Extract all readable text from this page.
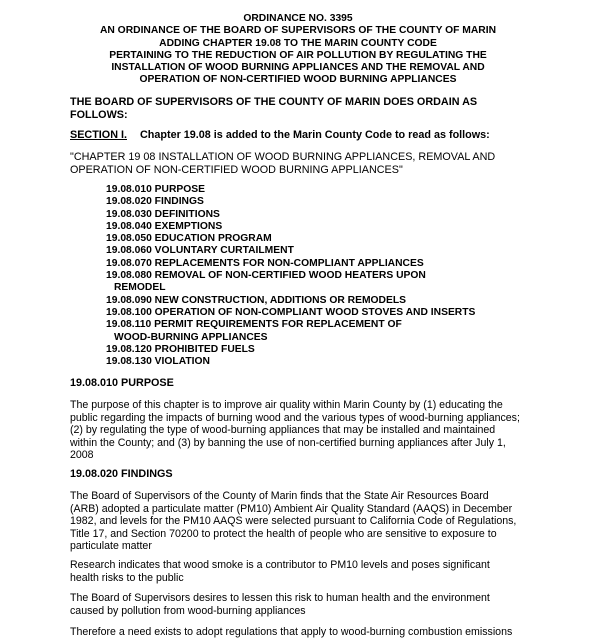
ORDINANCE NO. 3395
AN ORDINANCE OF THE BOARD OF SUPERVISORS OF THE COUNTY OF MARIN
ADDING CHAPTER 19.08 TO THE MARIN COUNTY CODE
PERTAINING TO THE REDUCTION OF AIR POLLUTION BY REGULATING THE
INSTALLATION OF WOOD BURNING APPLIANCES AND THE REMOVAL AND
OPERATION OF NON-CERTIFIED WOOD BURNING APPLIANCES
THE BOARD OF SUPERVISORS OF THE COUNTY OF MARIN DOES ORDAIN AS
FOLLOWS:
SECTION I. Chapter 19.08 is added to the Marin County Code to read as follows:
"CHAPTER 19 08 INSTALLATION OF WOOD BURNING APPLIANCES, REMOVAL AND
OPERATION OF NON-CERTIFIED WOOD BURNING APPLIANCES"
19.08.010 PURPOSE
19.08.020 FINDINGS
19.08.030 DEFINITIONS
19.08.040 EXEMPTIONS
19.08.050 EDUCATION PROGRAM
19.08.060 VOLUNTARY CURTAILMENT
19.08.070 REPLACEMENTS FOR NON-COMPLIANT APPLIANCES
19.08.080 REMOVAL OF NON-CERTIFIED WOOD HEATERS UPON
REMODEL
19.08.090 NEW CONSTRUCTION, ADDITIONS OR REMODELS
19.08.100 OPERATION OF NON-COMPLIANT WOOD STOVES AND INSERTS
19.08.110 PERMIT REQUIREMENTS FOR REPLACEMENT OF
WOOD-BURNING APPLIANCES
19.08.120 PROHIBITED FUELS
19.08.130 VIOLATION
19.08.010 PURPOSE
The purpose of this chapter is to improve air quality within Marin County by (1) educating the
public regarding the impacts of burning wood and the various types of wood-burning appliances;
(2) by regulating the type of wood-burning appliances that may be installed and maintained
within the County; and (3) by banning the use of non-certified burning appliances after July 1,
2008
19.08.020 FINDINGS
The Board of Supervisors of the County of Marin finds that the State Air Resources Board
(ARB) adopted a particulate matter (PM10) Ambient Air Quality Standard (AAQS) in December
1982, and levels for the PM10 AAQS were selected pursuant to California Code of Regulations,
Title 17, and Section 70200 to protect the health of people who are sensitive to exposure to
particulate matter
Research indicates that wood smoke is a contributor to PM10 levels and poses significant
health risks to the public
The Board of Supervisors desires to lessen this risk to human health and the environment
caused by pollution from wood-burning appliances
Therefore a need exists to adopt regulations that apply to wood-burning combustion emissions
